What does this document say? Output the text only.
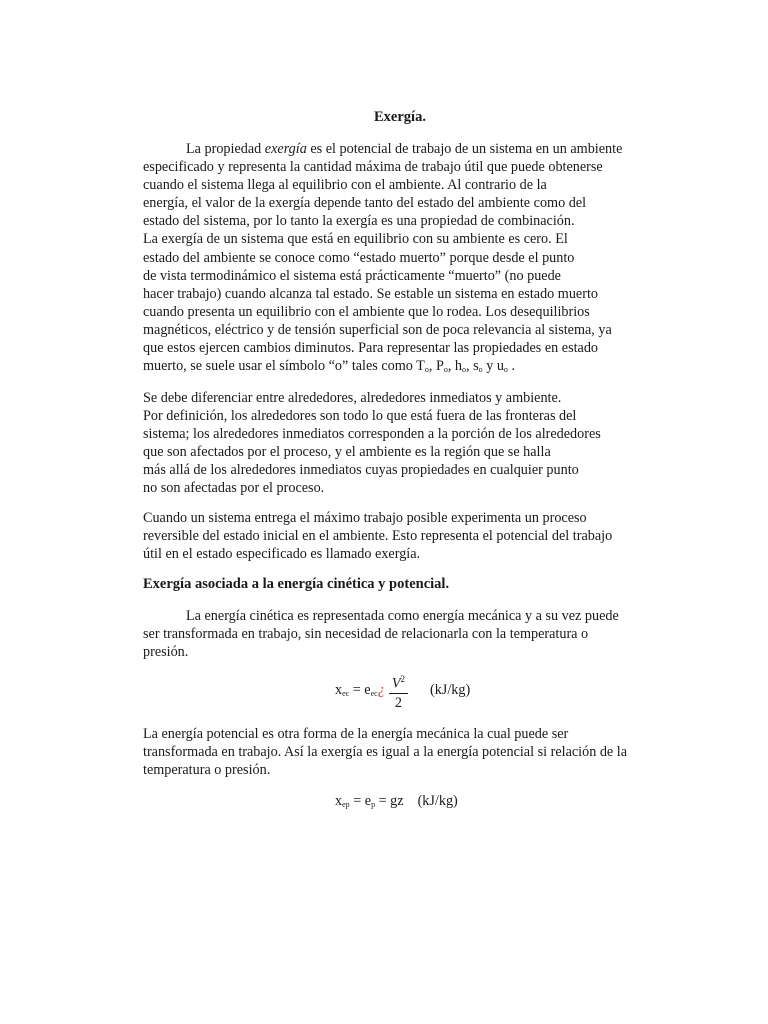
Exergía.
La propiedad exergía es el potencial de trabajo de un sistema en un ambiente
especificado y representa la cantidad máxima de trabajo útil que puede obtenerse
cuando el sistema llega al equilibrio con el ambiente. Al contrario de la
energía, el valor de la exergía depende tanto del estado del ambiente como del
estado del sistema, por lo tanto la exergía es una propiedad de combinación.
La exergía de un sistema que está en equilibrio con su ambiente es cero. El
estado del ambiente se conoce como “estado muerto” porque desde el punto
de vista termodinámico el sistema está prácticamente “muerto” (no puede
hacer trabajo) cuando alcanza tal estado. Se estable un sistema en estado muerto
cuando presenta un equilibrio con el ambiente que lo rodea. Los desequilibrios
magnéticos, eléctrico y de tensión superficial son de poca relevancia al sistema, ya
que estos ejercen cambios diminutos. Para representar las propiedades en estado
muerto, se suele usar el símbolo “o” tales como $T_o$, $P_o$, $h_o$, $s_o$ y $u_o$ .
Se debe diferenciar entre alrededores, alrededores inmediatos y ambiente.
Por definición, los alrededores son todo lo que está fuera de las fronteras del
sistema; los alrededores inmediatos corresponden a la porción de los alrededores
que son afectados por el proceso, y el ambiente es la región que se halla
más allá de los alrededores inmediatos cuyas propiedades en cualquier punto
no son afectadas por el proceso.
Cuando un sistema entrega el máximo trabajo posible experimenta un proceso
reversible del estado inicial en el ambiente. Esto representa el potencial del trabajo
útil en el estado especificado es llamado exergía.
Exergía asociada a la energía cinética y potencial.
La energía cinética es representada como energía mecánica y a su vez puede
ser transformada en trabajo, sin necesidad de relacionarla con la temperatura o
presión.
$x_{ec}$ = $e_{ec}¿ \frac{V^2}{2} (kJ/kg)$
La energía potencial es otra forma de la energía mecánica la cual puede ser
transformada en trabajo. Así la exergía es igual a la energía potencial si relación de la
temperatura o presión.
$x_{ep} = e_p$ = gz (kJ/kg)
